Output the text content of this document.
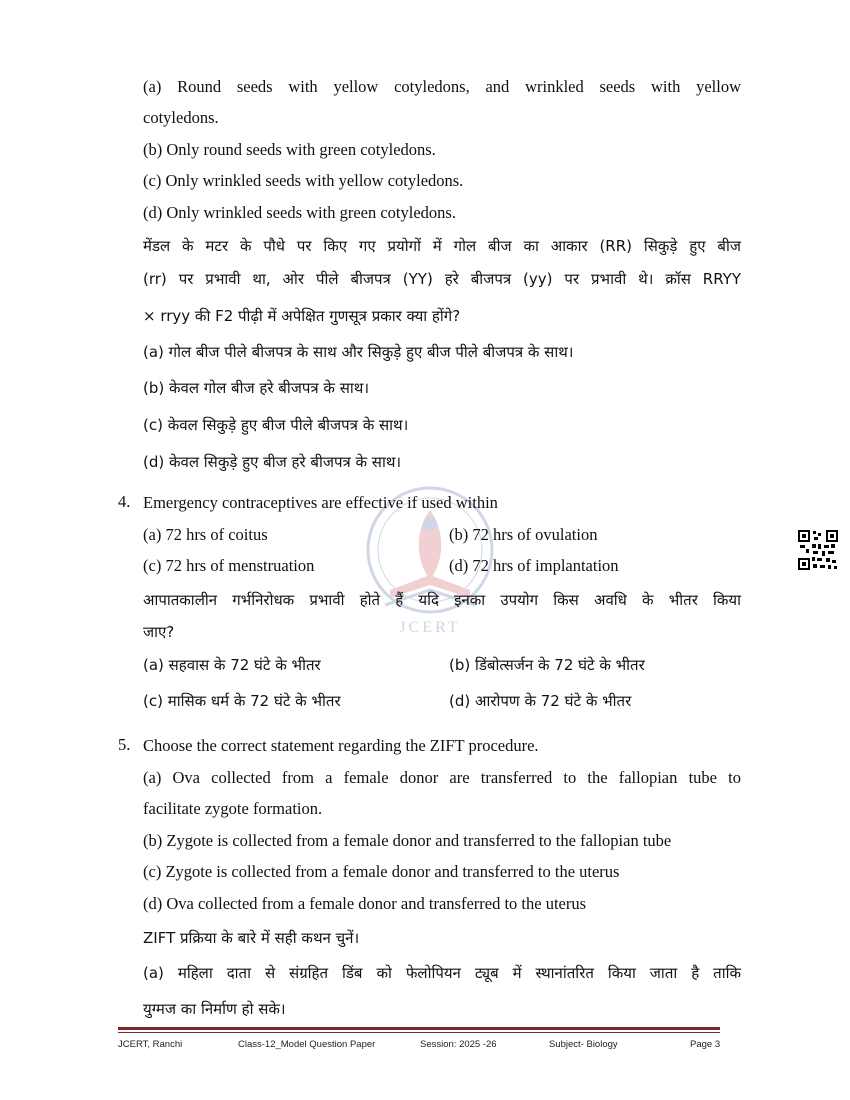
JCERT
(a) Round seeds with yellow cotyledons, and wrinkled seeds with yellow
cotyledons.
(b) Only round seeds with green cotyledons.
(c) Only wrinkled seeds with yellow cotyledons.
(d) Only wrinkled seeds with green cotyledons.
मेंडल के मटर के पौधे पर किए गए प्रयोगों में गोल बीज का आकार (RR) सिकुड़े हुए बीज
(rr) पर प्रभावी था, ओर पीले बीजपत्र (YY) हरे बीजपत्र (yy) पर प्रभावी थे। क्रॉस RRYY
× rryy की F2 पीढ़ी में अपेक्षित गुणसूत्र प्रकार क्या होंगे?
(a) गोल बीज पीले बीजपत्र के साथ और सिकुड़े हुए बीज पीले बीजपत्र के साथ।
(b) केवल गोल बीज हरे बीजपत्र के साथ।
(c) केवल सिकुड़े हुए बीज पीले बीजपत्र के साथ।
(d) केवल सिकुड़े हुए बीज हरे बीजपत्र के साथ।
4. Emergency contraceptives are effective if used within
(a) 72 hrs of coitus	(b) 72 hrs of ovulation
(c) 72 hrs of menstruation	(d) 72 hrs of implantation
आपातकालीन गर्भनिरोधक प्रभावी होते हैं यदि इनका उपयोग किस अवधि के भीतर किया
जाए?
(a) सहवास के 72 घंटे के भीतर	(b) डिंबोत्सर्जन के 72 घंटे के भीतर
(c) मासिक धर्म के 72 घंटे के भीतर	(d) आरोपण के 72 घंटे के भीतर
5. Choose the correct statement regarding the ZIFT procedure.
(a) Ova collected from a female donor are transferred to the fallopian tube to
facilitate zygote formation.
(b) Zygote is collected from a female donor and transferred to the fallopian tube
(c) Zygote is collected from a female donor and transferred to the uterus
(d) Ova collected from a female donor and transferred to the uterus
ZIFT प्रक्रिया के बारे में सही कथन चुनें।
(a) महिला दाता से संग्रहित डिंब को फेलोपियन ट्यूब में स्थानांतरित किया जाता है ताकि
युग्मज का निर्माण हो सके।
JCERT, Ranchi	Class-12_Model Question Paper	Session: 2025 -26	Subject- Biology	Page 3
